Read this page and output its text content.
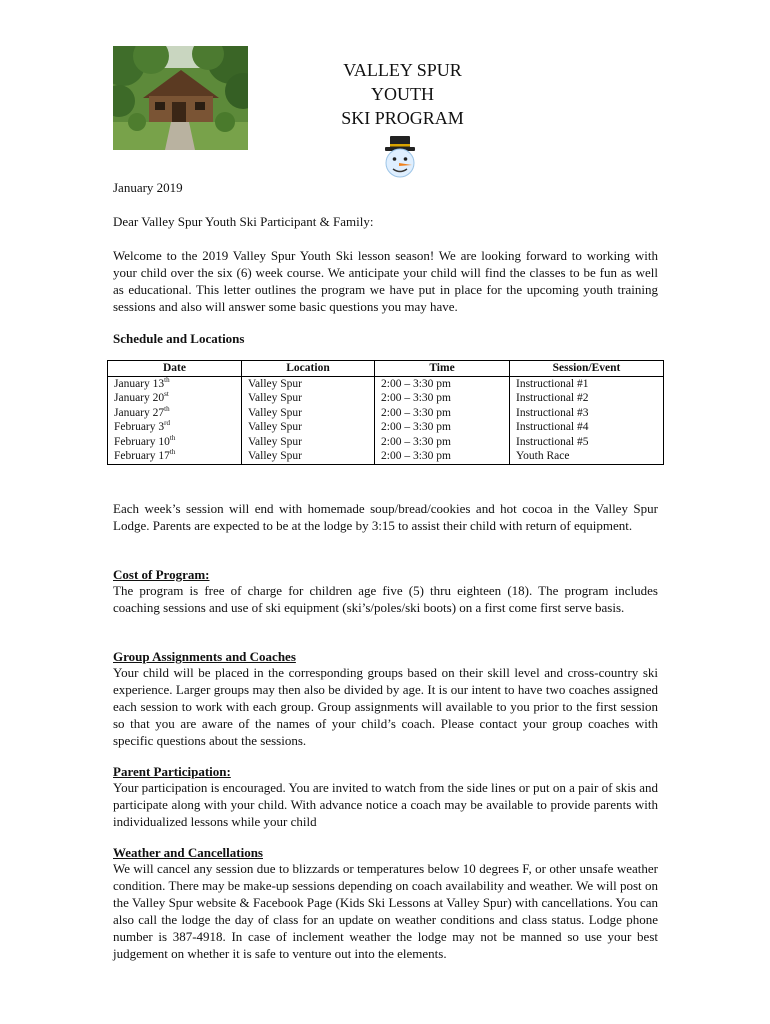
VALLEY SPUR
YOUTH
SKI PROGRAM
January 2019
Dear Valley Spur Youth Ski Participant & Family:
Welcome to the 2019 Valley Spur Youth Ski lesson season! We are looking forward to working with your child over the six (6) week course. We anticipate your child will find the classes to be fun as well as educational. This letter outlines the program we have put in place for the upcoming youth training sessions and also will answer some basic questions you may have.
Schedule and Locations
Date	Location	Time	Session/Event
January 13th	Valley Spur	2:00 – 3:30 pm	Instructional #1
January 20st	Valley Spur	2:00 – 3:30 pm	Instructional #2
January 27th	Valley Spur	2:00 – 3:30 pm	Instructional #3
February 3rd	Valley Spur	2:00 – 3:30 pm	Instructional #4
February 10th	Valley Spur	2:00 – 3:30 pm	Instructional #5
February 17th	Valley Spur	2:00 – 3:30 pm	Youth Race
Each week’s session will end with homemade soup/bread/cookies and hot cocoa in the Valley Spur Lodge. Parents are expected to be at the lodge by 3:15 to assist their child with return of equipment.
Cost of Program:
The program is free of charge for children age five (5) thru eighteen (18). The program includes coaching sessions and use of ski equipment (ski’s/poles/ski boots) on a first come first serve basis.
Group Assignments and Coaches
Your child will be placed in the corresponding groups based on their skill level and cross-country ski experience. Larger groups may then also be divided by age. It is our intent to have two coaches assigned each session to work with each group. Group assignments will available to you prior to the first session so that you are aware of the names of your child’s coach. Please contact your group coaches with specific questions about the sessions.
Parent Participation:
Your participation is encouraged. You are invited to watch from the side lines or put on a pair of skis and participate along with your child. With advance notice a coach may be available to provide parents with individualized lessons while your child
Weather and Cancellations
We will cancel any session due to blizzards or temperatures below 10 degrees F, or other unsafe weather condition. There may be make-up sessions depending on coach availability and weather. We will post on the Valley Spur website & Facebook Page (Kids Ski Lessons at Valley Spur) with cancellations. You can also call the lodge the day of class for an update on weather conditions and class status. Lodge phone number is 387-4918. In case of inclement weather the lodge may not be manned so use your best judgement on whether it is safe to venture out into the elements.
